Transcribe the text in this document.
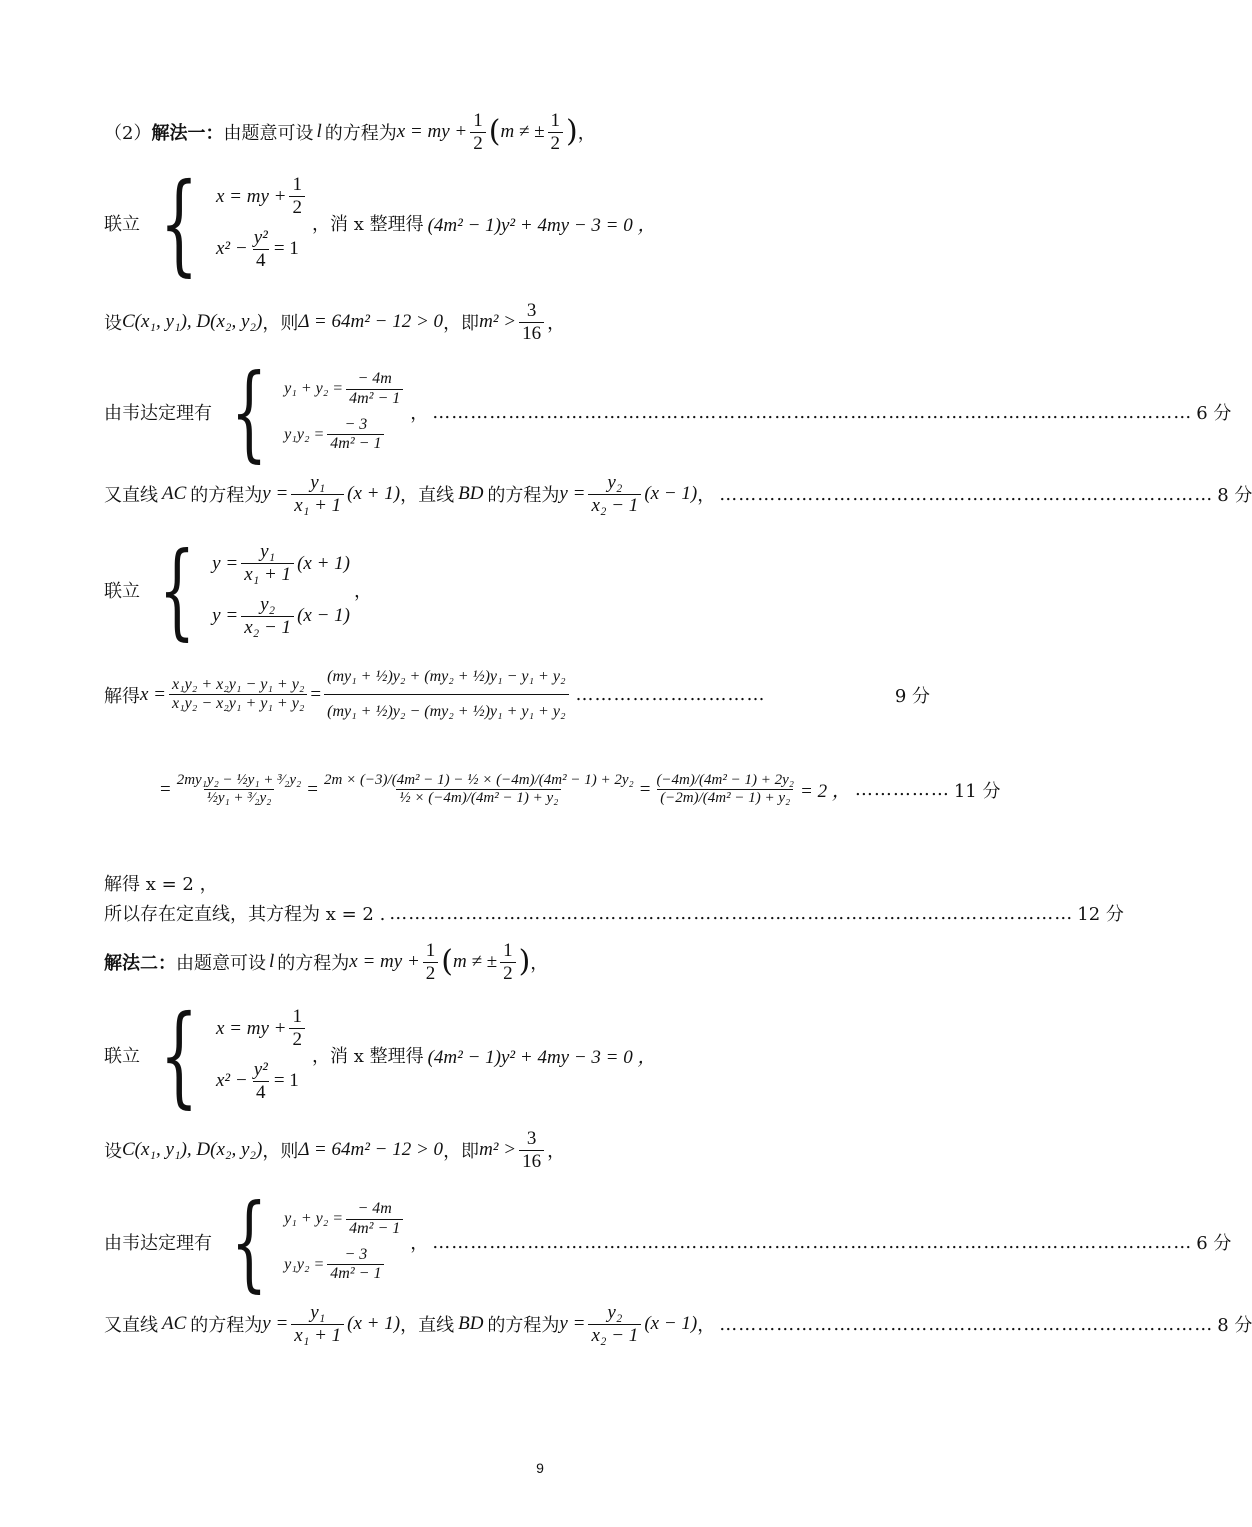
（2） 解法一： 由题意可设 l 的方程为 x = my + $\frac{1}{2}$ ( m ≠ ± $\frac{1}{2}$ ) ，
联立 { x = my + $\frac{1}{2}$
$x^2 - \frac{\text{y²}}{4} = 1$
，消 x 整理得 (4m² − 1)y² + 4my − 3 = 0 ，
设 C(x₁, y₁), D(x₂, y₂) ，则 Δ = 64m² − 12 > 0 ，即 $m^2 > \frac{3}{16}$ ，
由韦达定理有 { $y_1 + y_2 = \frac{- 4m}{\text{4m² − 1}}$
$y_1y_2 = \frac{- 3}{\text{4m² − 1}}$
， ………………………………………………………………………………………………………… 6 分
又直线 AC 的方程为 $y = \frac{\text{y₁}}{\text{x₁ + 1}} (x + 1)$ ，直线 BD 的方程为 $y = \frac{\text{y₂}}{\text{x₂ − 1}} (x - 1)$ ， …………………………………………………………………… 8 分
联立 { $y = \frac{\text{y₁}}{\text{x₁ + 1}} (x + 1)$
$y = \frac{\text{y₂}}{\text{x₂ − 1}} (x - 1)$
，
解得 $x = \frac{\text{x₁y₂ + x₂y₁ − y₁ + y₂}}{\text{x₁y₂ − x₂y₁ + y₁ + y₂}} = \frac{\text{(my₁ + ½)y₂ + (my₂ + ½)y₁ − y₁ + y₂}}{\text{(my₁ + ½)y₂ − (my₂ + ½)y₁ + y₁ + y₂}}$ …………………………	9 分
= $\frac{\text{2my₁y₂ − ½y₁ + ³⁄₂y₂}}{\text{½y₁ + ³⁄₂y₂}} = \frac{\text{2m × (−3)/(4m² − 1) − ½ × (−4m)/(4m² − 1) + 2y₂}}{\text{½ × (−4m)/(4m² − 1) + y₂}} = \frac{\text{(−4m)/(4m² − 1) + 2y₂}}{\text{(−2m)/(4m² − 1) + y₂}} = 2$ ， …………… 11 分
解得 x = 2 ，
所以存在定直线，其方程为 x = 2 . ……………………………………………………………………………………………… 12 分
解法二： 由题意可设 l 的方程为 x = my + $\frac{1}{2}$ ( m ≠ ± $\frac{1}{2}$ ) ，
联立 { x = my + $\frac{1}{2}$
$x^2 - \frac{\text{y²}}{4} = 1$
，消 x 整理得 (4m² − 1)y² + 4my − 3 = 0 ，
设 C(x₁, y₁), D(x₂, y₂) ，则 Δ = 64m² − 12 > 0 ，即 $m^2 > \frac{3}{16}$ ，
由韦达定理有 { $y_1 + y_2 = \frac{- 4m}{\text{4m² − 1}}$
$y_1y_2 = \frac{- 3}{\text{4m² − 1}}$
， ………………………………………………………………………………………………………… 6 分
又直线 AC 的方程为 $y = \frac{\text{y₁}}{\text{x₁ + 1}} (x + 1)$ ，直线 BD 的方程为 $y = \frac{\text{y₂}}{\text{x₂ − 1}} (x - 1)$ ， …………………………………………………………………… 8 分
9
